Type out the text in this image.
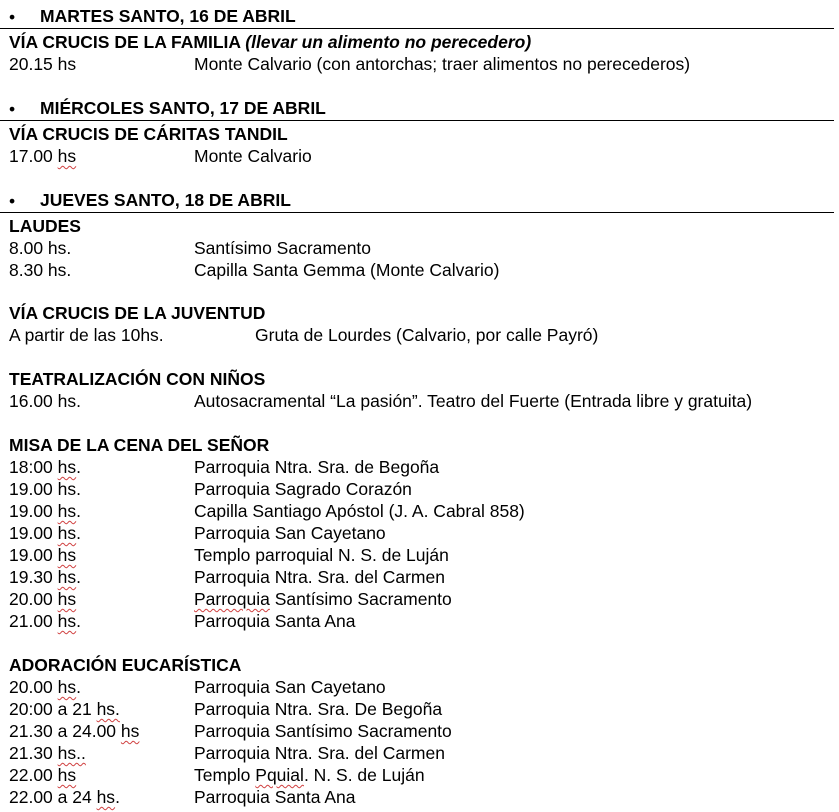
• MARTES SANTO, 16 DE ABRIL
VÍA CRUCIS DE LA FAMILIA (llevar un alimento no perecedero)
20.15 hs	Monte Calvario (con antorchas; traer alimentos no perecederos)
• MIÉRCOLES SANTO, 17 DE ABRIL
VÍA CRUCIS DE CÁRITAS TANDIL
17.00 hs	Monte Calvario
• JUEVES SANTO, 18 DE ABRIL
LAUDES
8.00 hs.	Santísimo Sacramento
8.30 hs.	Capilla Santa Gemma (Monte Calvario)
VÍA CRUCIS DE LA JUVENTUD
A partir de las 10hs.	Gruta de Lourdes (Calvario, por calle Payró)
TEATRALIZACIÓN CON NIÑOS
16.00 hs.	Autosacramental “La pasión”. Teatro del Fuerte (Entrada libre y gratuita)
MISA DE LA CENA DEL SEÑOR
18:00 hs.	Parroquia Ntra. Sra. de Begoña
19.00 hs.	Parroquia Sagrado Corazón
19.00 hs.	Capilla Santiago Apóstol (J. A. Cabral 858)
19.00 hs.	Parroquia San Cayetano
19.00 hs	Templo parroquial N. S. de Luján
19.30 hs.	Parroquia Ntra. Sra. del Carmen
20.00 hs	Parroquia Santísimo Sacramento
21.00 hs.	Parroquia Santa Ana
ADORACIÓN EUCARÍSTICA
20.00 hs.	Parroquia San Cayetano
20:00 a 21 hs.	Parroquia Ntra. Sra. De Begoña
21.30 a 24.00 hs	Parroquia Santísimo Sacramento
21.30 hs..	Parroquia Ntra. Sra. del Carmen
22.00 hs	Templo Pquial. N. S. de Luján
22.00 a 24 hs.	Parroquia Santa Ana
